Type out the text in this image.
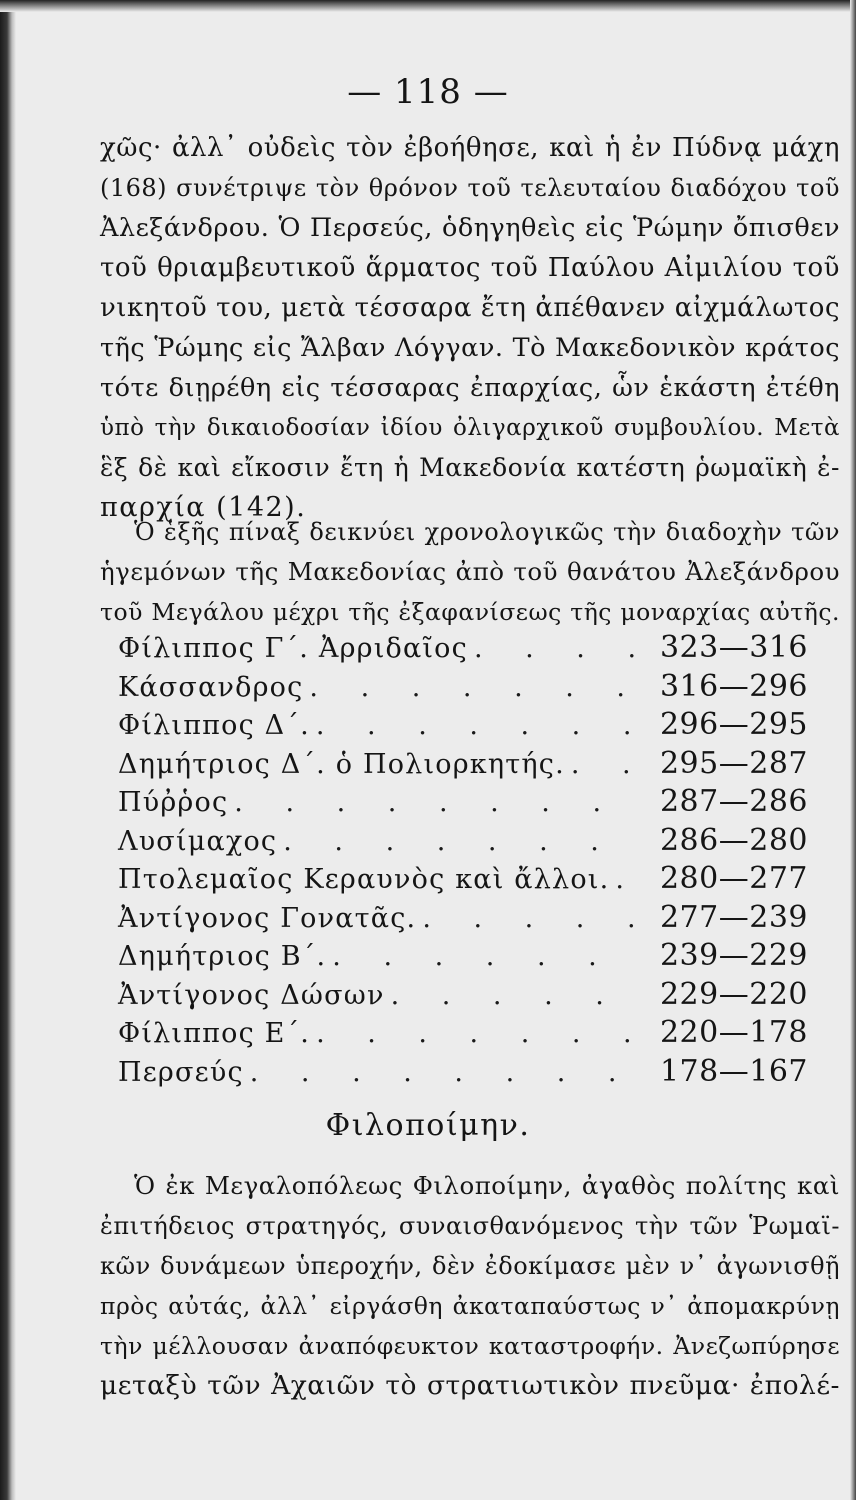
— 118 —
χῶς· ἀλλ᾽ οὐδεὶς τὸν ἐβοήθησε, καὶ ἡ ἐν Πύδνᾳ μάχη
(168) συνέτριψε τὸν θρόνον τοῦ τελευταίου διαδόχου τοῦ
Ἀλεξάνδρου. Ὁ Περσεύς, ὁδηγηθεὶς εἰς Ῥώμην ὄπισθεν
τοῦ θριαμβευτικοῦ ἅρματος τοῦ Παύλου Αἰμιλίου τοῦ
νικητοῦ του, μετὰ τέσσαρα ἔτη ἀπέθανεν αἰχμάλωτος
τῆς Ῥώμης εἰς Ἄλβαν Λόγγαν. Τὸ Μακεδονικὸν κράτος
τότε διῃρέθη εἰς τέσσαρας ἐπαρχίας, ὧν ἑκάστη ἐτέθη
ὑπὸ τὴν δικαιοδοσίαν ἰδίου ὀλιγαρχικοῦ συμβουλίου. Μετὰ
ἓξ δὲ καὶ εἴκοσιν ἔτη ἡ Μακεδονία κατέστη ῥωμαϊκὴ ἐ-
παρχία (142).
Ὁ ἑξῆς πίναξ δεικνύει χρονολογικῶς τὴν διαδοχὴν τῶν
ἡγεμόνων τῆς Μακεδονίας ἀπὸ τοῦ θανάτου Ἀλεξάνδρου
τοῦ Μεγάλου μέχρι τῆς ἐξαφανίσεως τῆς μοναρχίας αὐτῆς.
Φίλιππος Γ΄. Ἀρριδαῖος . . .	323—316
Κάσσανδρος . . .	316—296
Φίλιππος Δ΄. . . .	296—295
Δημήτριος Δ΄. ὁ Πολιορκητής. . . .	295—287
Πύῤῥος . . .	287—286
Λυσίμαχος . . .	286—280
Πτολεμαῖος Κεραυνὸς καὶ ἄλλοι. . . .	280—277
Ἀντίγονος Γονατᾶς. . . .	277—239
Δημήτριος Β΄. . . .	239—229
Ἀντίγονος Δώσων . . .	229—220
Φίλιππος Ε΄. . . .	220—178
Περσεύς . . .	178—167
Φιλοποίμην.
Ὁ ἐκ Μεγαλοπόλεως Φιλοποίμην, ἀγαθὸς πολίτης καὶ
ἐπιτήδειος στρατηγός, συναισθανόμενος τὴν τῶν Ῥωμαϊ-
κῶν δυνάμεων ὑπεροχήν, δὲν ἐδοκίμασε μὲν ν᾽ ἀγωνισθῇ
πρὸς αὐτάς, ἀλλ᾽ εἰργάσθη ἀκαταπαύστως ν᾽ ἀπομακρύνῃ
τὴν μέλλουσαν ἀναπόφευκτον καταστροφήν. Ἀνεζωπύρησε
μεταξὺ τῶν Ἀχαιῶν τὸ στρατιωτικὸν πνεῦμα· ἐπολέ-
